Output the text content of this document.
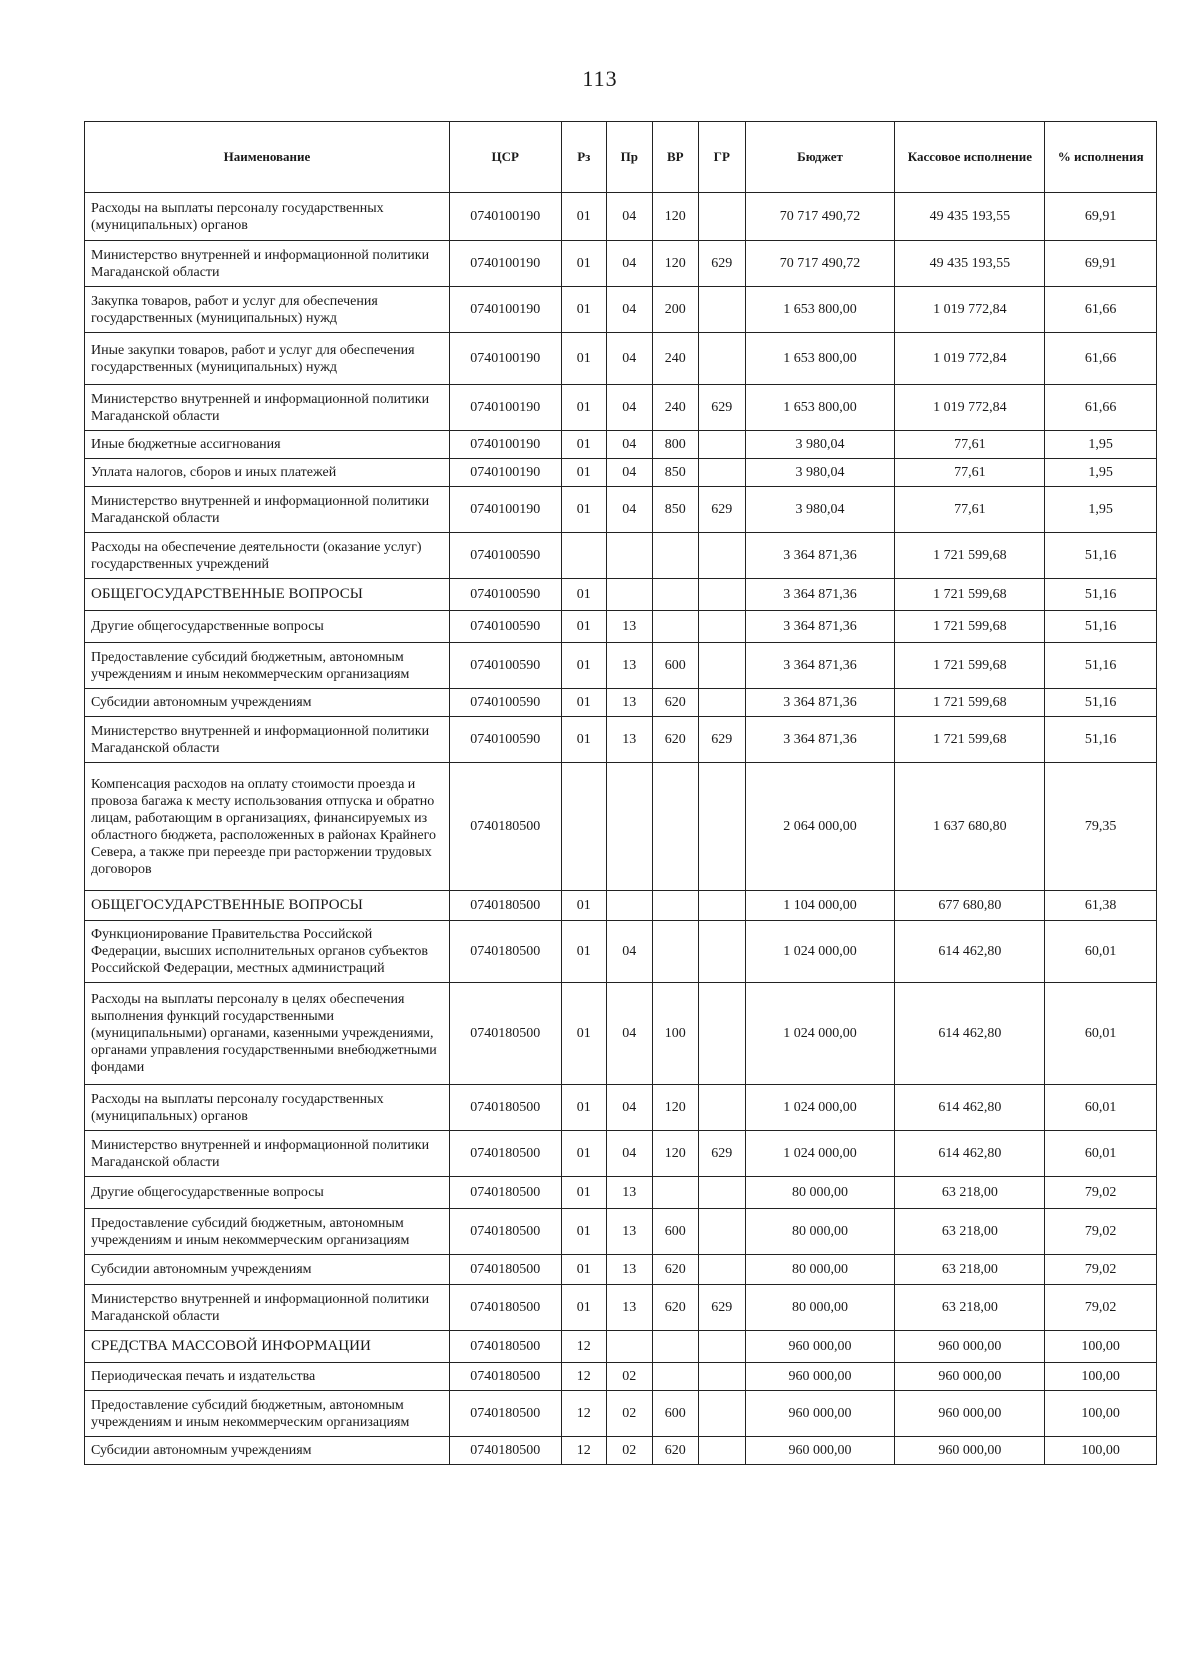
113
Наименование	ЦСР	Рз	Пр	ВР	ГР	Бюджет	Кассовое исполнение	% исполнения
Расходы на выплаты персоналу государственных (муниципальных) органов	0740100190	01	04	120		70 717 490,72	49 435 193,55	69,91
Министерство внутренней и информационной политики Магаданской области	0740100190	01	04	120	629	70 717 490,72	49 435 193,55	69,91
Закупка товаров, работ и услуг для обеспечения государственных (муниципальных) нужд	0740100190	01	04	200		1 653 800,00	1 019 772,84	61,66
Иные закупки товаров, работ и услуг для обеспечения государственных (муниципальных) нужд	0740100190	01	04	240		1 653 800,00	1 019 772,84	61,66
Министерство внутренней и информационной политики Магаданской области	0740100190	01	04	240	629	1 653 800,00	1 019 772,84	61,66
Иные бюджетные ассигнования	0740100190	01	04	800		3 980,04	77,61	1,95
Уплата налогов, сборов и иных платежей	0740100190	01	04	850		3 980,04	77,61	1,95
Министерство внутренней и информационной политики Магаданской области	0740100190	01	04	850	629	3 980,04	77,61	1,95
Расходы на обеспечение деятельности (оказание услуг) государственных учреждений	0740100590					3 364 871,36	1 721 599,68	51,16
ОБЩЕГОСУДАРСТВЕННЫЕ ВОПРОСЫ	0740100590	01				3 364 871,36	1 721 599,68	51,16
Другие общегосударственные вопросы	0740100590	01	13			3 364 871,36	1 721 599,68	51,16
Предоставление субсидий бюджетным, автономным учреждениям и иным некоммерческим организациям	0740100590	01	13	600		3 364 871,36	1 721 599,68	51,16
Субсидии автономным учреждениям	0740100590	01	13	620		3 364 871,36	1 721 599,68	51,16
Министерство внутренней и информационной политики Магаданской области	0740100590	01	13	620	629	3 364 871,36	1 721 599,68	51,16
Компенсация расходов на оплату стоимости проезда и провоза багажа к месту использования отпуска и обратно лицам, работающим в организациях, финансируемых из областного бюджета, расположенных в районах Крайнего Севера, а также при переезде при расторжении трудовых договоров	0740180500					2 064 000,00	1 637 680,80	79,35
ОБЩЕГОСУДАРСТВЕННЫЕ ВОПРОСЫ	0740180500	01				1 104 000,00	677 680,80	61,38
Функционирование Правительства Российской Федерации, высших исполнительных органов субъектов Российской Федерации, местных администраций	0740180500	01	04			1 024 000,00	614 462,80	60,01
Расходы на выплаты персоналу в целях обеспечения выполнения функций государственными (муниципальными) органами, казенными учреждениями, органами управления государственными внебюджетными фондами	0740180500	01	04	100		1 024 000,00	614 462,80	60,01
Расходы на выплаты персоналу государственных (муниципальных) органов	0740180500	01	04	120		1 024 000,00	614 462,80	60,01
Министерство внутренней и информационной политики Магаданской области	0740180500	01	04	120	629	1 024 000,00	614 462,80	60,01
Другие общегосударственные вопросы	0740180500	01	13			80 000,00	63 218,00	79,02
Предоставление субсидий бюджетным, автономным учреждениям и иным некоммерческим организациям	0740180500	01	13	600		80 000,00	63 218,00	79,02
Субсидии автономным учреждениям	0740180500	01	13	620		80 000,00	63 218,00	79,02
Министерство внутренней и информационной политики Магаданской области	0740180500	01	13	620	629	80 000,00	63 218,00	79,02
СРЕДСТВА МАССОВОЙ ИНФОРМАЦИИ	0740180500	12				960 000,00	960 000,00	100,00
Периодическая печать и издательства	0740180500	12	02			960 000,00	960 000,00	100,00
Предоставление субсидий бюджетным, автономным учреждениям и иным некоммерческим организациям	0740180500	12	02	600		960 000,00	960 000,00	100,00
Субсидии автономным учреждениям	0740180500	12	02	620		960 000,00	960 000,00	100,00
